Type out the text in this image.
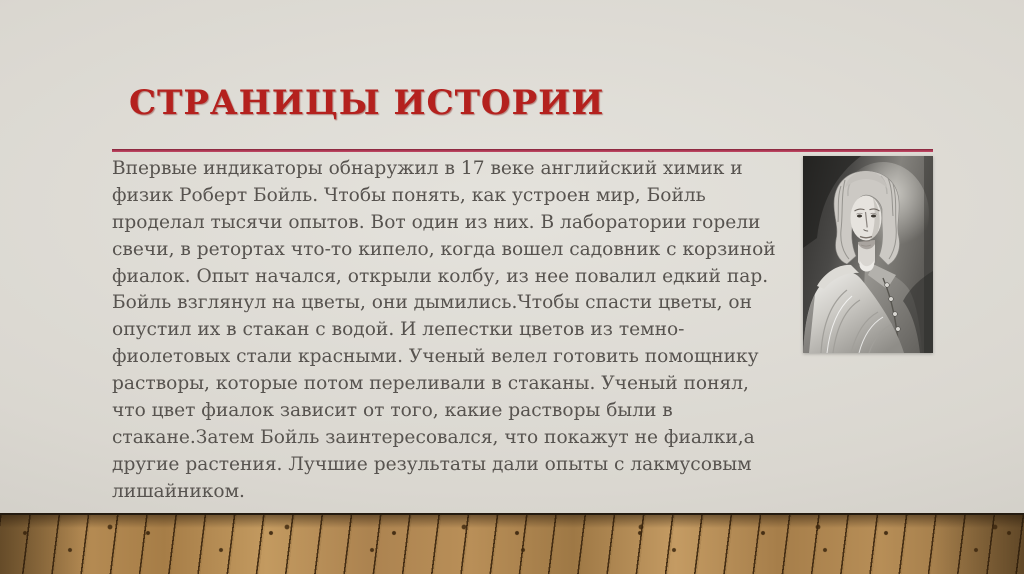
СТРАНИЦЫ ИСТОРИИ
Впервые индикаторы обнаружил в 17 веке английский химик и
физик Роберт Бойль. Чтобы понять, как устроен мир, Бойль
проделал тысячи опытов. Вот один из них. В лаборатории горели
свечи, в ретортах что-то кипело, когда вошел садовник с корзиной
фиалок. Опыт начался, открыли колбу, из нее повалил едкий пар.
Бойль взглянул на цветы, они дымились.Чтобы спасти цветы, он
опустил их в стакан с водой. И лепестки цветов из темно-
фиолетовых стали красными. Ученый велел готовить помощнику
растворы, которые потом переливали в стаканы. Ученый понял,
что цвет фиалок зависит от того, какие растворы были в
стакане.Затем Бойль заинтересовался, что покажут не фиалки,а
другие растения. Лучшие результаты дали опыты с лакмусовым
лишайником.
